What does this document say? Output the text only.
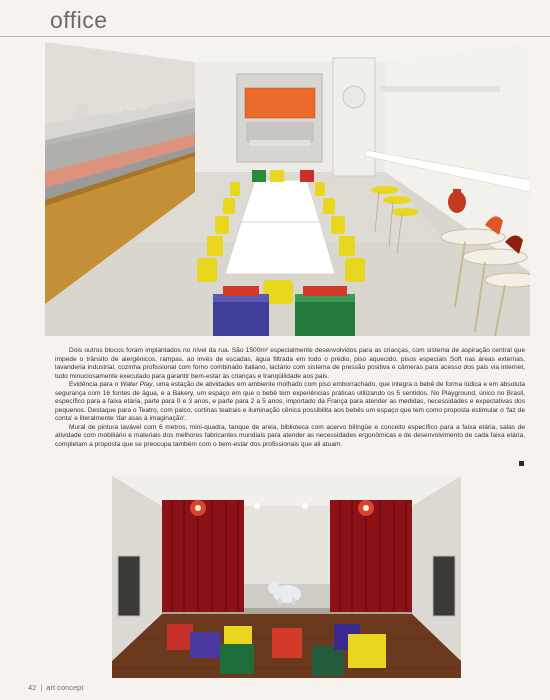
office

Dois outros blocos foram implantados no nível da rua. São 1500m² especialmente desenvolvidos para as crianças, com sistema de aspiração central que impede o trânsito de alergênicos, rampas, ao invés de escadas, água filtrada em todo o prédio, piso aquecido, pisos especiais Soft nas áreas externas, lavanderia industrial, cozinha profissional com forno combinado italiano, lactário com sistema de pressão positiva e câmeras para acesso dos pais via internet, tudo minuciosamente executado para garantir bem-estar às crianças e tranqüilidade aos pais.

Evidência para o Water Play, uma estação de atividades em ambiente molhado com piso emborrachado, que integra o bebê de forma lúdica e em absoluta segurança com 16 fontes de água, e a Bakery, um espaço em que o bebê tem experiências práticas utilizando os 5 sentidos. No Playground, único no Brasil, específico para a faixa etária, parte para 0 e 3 anos, e parte para 2 a 5 anos, importado da França para atender as medidas, necessidades e expectativas dos pequenos. Destaque para o Teatro, com palco, cortinas teatrais e iluminação cênica possibilita aos bebês um espaço que tem como proposta estimular o 'faz de conta' e literalmente 'dar asas à imaginação'.

Mural de pintura lavável com 6 metros, mini-quadra, tanque de areia, biblioteca com acervo bilíngüe e conceito específico para a faixa etária, salas de atividade com mobiliário e materiais dos melhores fabricantes mundiais para atender as necessidades ergonômicas e de desenvolvimento de cada faixa etária, completam a proposta que se preocupa também com o bem-estar dos profissionais que ali atuam.

42 | art concept
